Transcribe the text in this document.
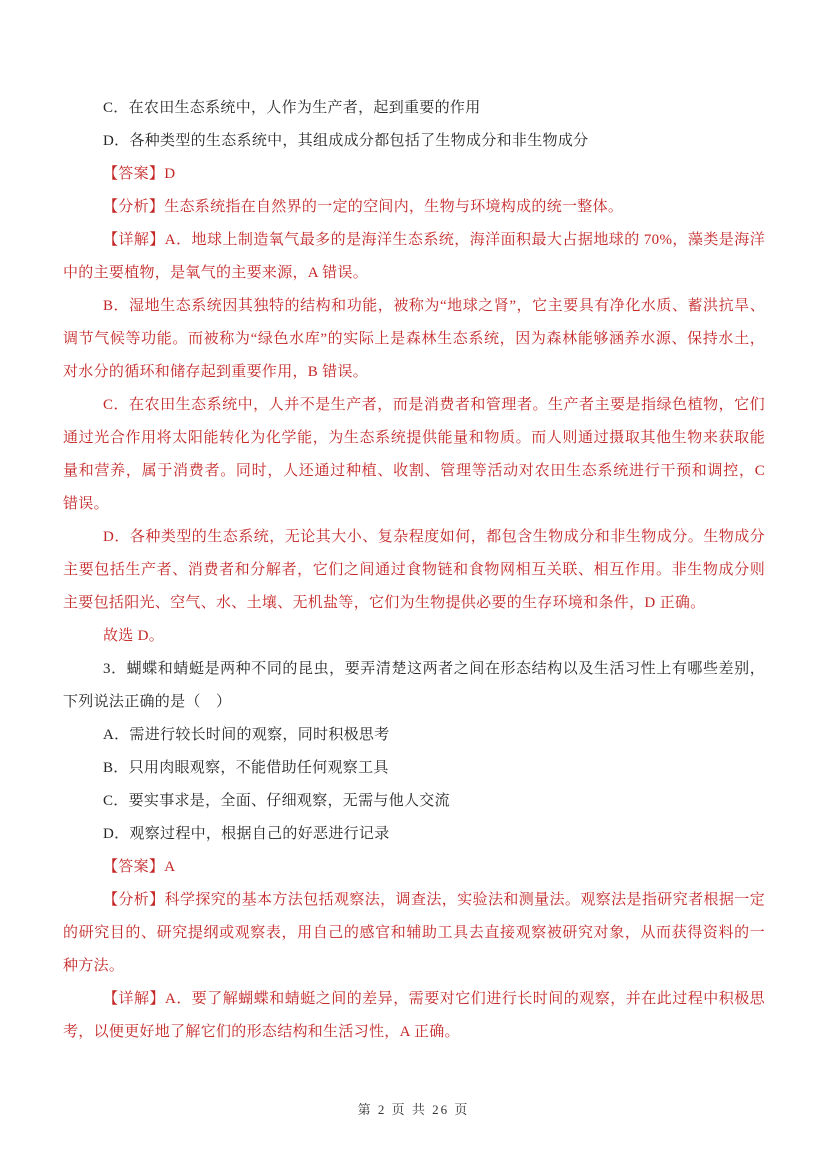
C．在农田生态系统中，人作为生产者，起到重要的作用

D．各种类型的生态系统中，其组成成分都包括了生物成分和非生物成分

【答案】D

【分析】生态系统指在自然界的一定的空间内，生物与环境构成的统一整体。

【详解】A．地球上制造氧气最多的是海洋生态系统，海洋面积最大占据地球的 70%，藻类是海洋中的主要植物，是氧气的主要来源，A 错误。

B．湿地生态系统因其独特的结构和功能，被称为“地球之肾”，它主要具有净化水质、蓄洪抗旱、调节气候等功能。而被称为“绿色水库”的实际上是森林生态系统，因为森林能够涵养水源、保持水土，对水分的循环和储存起到重要作用，B 错误。

C．在农田生态系统中，人并不是生产者，而是消费者和管理者。生产者主要是指绿色植物，它们通过光合作用将太阳能转化为化学能，为生态系统提供能量和物质。而人则通过摄取其他生物来获取能量和营养，属于消费者。同时，人还通过种植、收割、管理等活动对农田生态系统进行干预和调控，C 错误。

D．各种类型的生态系统，无论其大小、复杂程度如何，都包含生物成分和非生物成分。生物成分主要包括生产者、消费者和分解者，它们之间通过食物链和食物网相互关联、相互作用。非生物成分则主要包括阳光、空气、水、土壤、无机盐等，它们为生物提供必要的生存环境和条件，D 正确。

故选 D。

3．蝴蝶和蜻蜓是两种不同的昆虫，要弄清楚这两者之间在形态结构以及生活习性上有哪些差别，下列说法正确的是（　）

A．需进行较长时间的观察，同时积极思考

B．只用肉眼观察，不能借助任何观察工具

C．要实事求是，全面、仔细观察，无需与他人交流

D．观察过程中，根据自己的好恶进行记录

【答案】A

【分析】科学探究的基本方法包括观察法，调查法，实验法和测量法。观察法是指研究者根据一定的研究目的、研究提纲或观察表，用自己的感官和辅助工具去直接观察被研究对象，从而获得资料的一种方法。

【详解】A．要了解蝴蝶和蜻蜓之间的差异，需要对它们进行长时间的观察，并在此过程中积极思考，以便更好地了解它们的形态结构和生活习性，A 正确。

第 2 页 共 26 页
